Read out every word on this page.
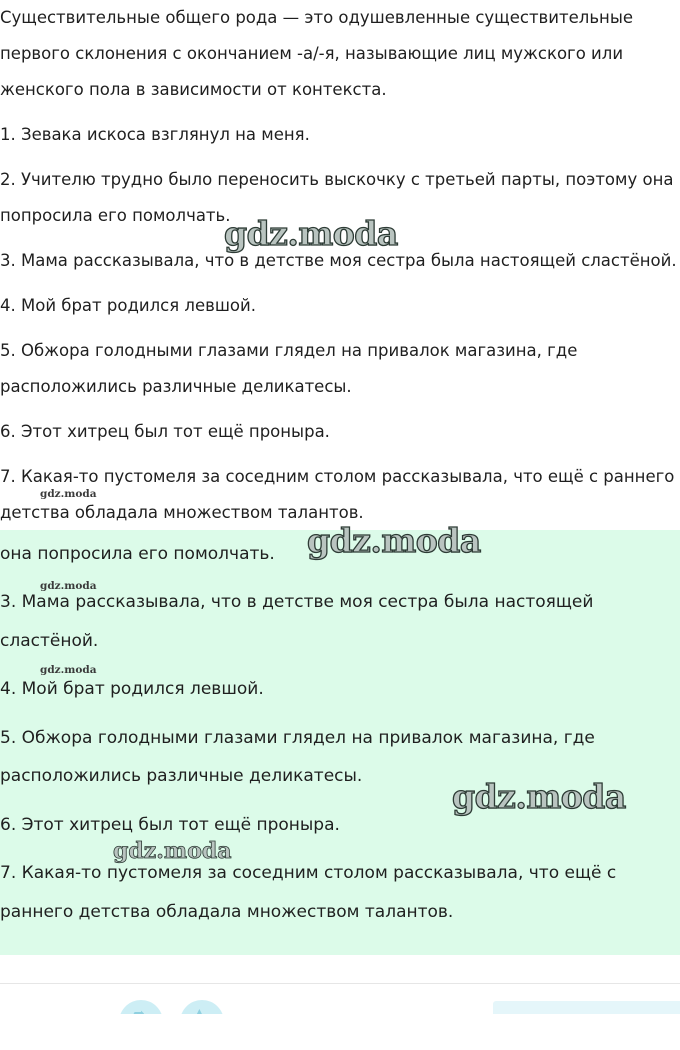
Существительные общего рода — это одушевленные существительные

первого склонения с окончанием -а/-я, называющие лиц мужского или

женского пола в зависимости от контекста.

1. Зевака искоса взглянул на меня.

2. Учителю трудно было переносить выскочку с третьей парты, поэтому она

попросила его помолчать.

3. Мама рассказывала, что в детстве моя сестра была настоящей сластёной.

4. Мой брат родился левшой.

5. Обжора голодными глазами глядел на привалок магазина, где

расположились различные деликатесы.

6. Этот хитрец был тот ещё проныра.

7. Какая-то пустомеля за соседним столом рассказывала, что ещё с раннего

детства обладала множеством талантов.

она попросила его помолчать.

3. Мама рассказывала, что в детстве моя сестра была настоящей

сластёной.

4. Мой брат родился левшой.

5. Обжора голодными глазами глядел на привалок магазина, где

расположились различные деликатесы.

6. Этот хитрец был тот ещё проныра.

7. Какая-то пустомеля за соседним столом рассказывала, что ещё с

раннего детства обладала множеством талантов.

gdz.moda
gdz.moda
gdz.moda
gdz.moda
gdz.moda
gdz.moda
gdz.moda
